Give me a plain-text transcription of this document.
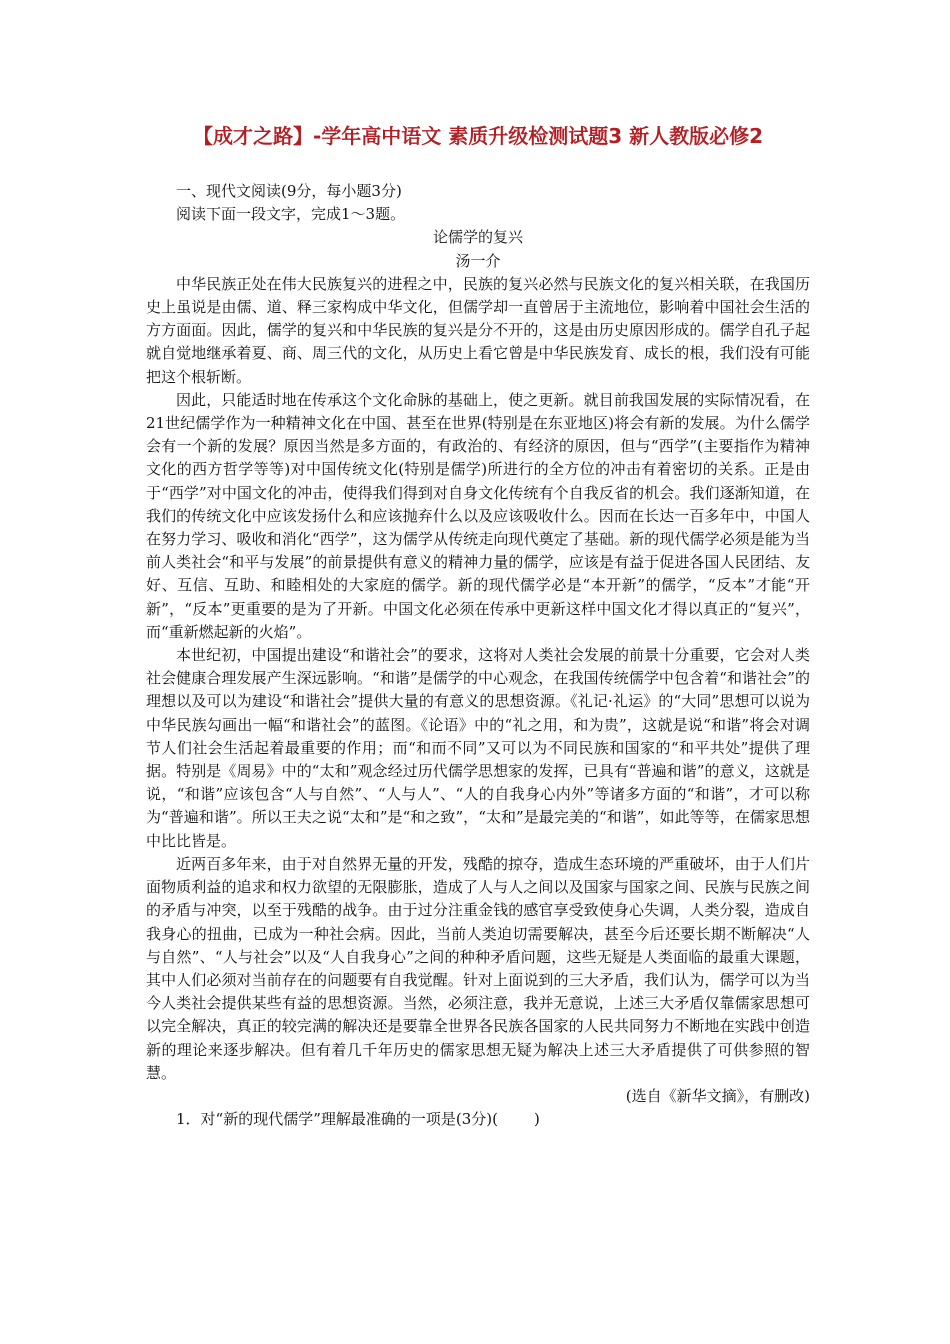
【成才之路】-学年高中语文 素质升级检测试题3 新人教版必修2

一、现代文阅读(9分，每小题3分)

阅读下面一段文字，完成1～3题。

论儒学的复兴

汤一介

中华民族正处在伟大民族复兴的进程之中，民族的复兴必然与民族文化的复兴相关联，在我国历史上虽说是由儒、道、释三家构成中华文化，但儒学却一直曾居于主流地位，影响着中国社会生活的方方面面。因此，儒学的复兴和中华民族的复兴是分不开的，这是由历史原因形成的。儒学自孔子起就自觉地继承着夏、商、周三代的文化，从历史上看它曾是中华民族发育、成长的根，我们没有可能把这个根斩断。

因此，只能适时地在传承这个文化命脉的基础上，使之更新。就目前我国发展的实际情况看，在21世纪儒学作为一种精神文化在中国、甚至在世界(特别是在东亚地区)将会有新的发展。为什么儒学会有一个新的发展？原因当然是多方面的，有政治的、有经济的原因，但与“西学”(主要指作为精神文化的西方哲学等等)对中国传统文化(特别是儒学)所进行的全方位的冲击有着密切的关系。正是由于“西学”对中国文化的冲击，使得我们得到对自身文化传统有个自我反省的机会。我们逐渐知道，在我们的传统文化中应该发扬什么和应该抛弃什么以及应该吸收什么。因而在长达一百多年中，中国人在努力学习、吸收和消化“西学”，这为儒学从传统走向现代奠定了基础。新的现代儒学必须是能为当前人类社会“和平与发展”的前景提供有意义的精神力量的儒学，应该是有益于促进各国人民团结、友好、互信、互助、和睦相处的大家庭的儒学。新的现代儒学必是“本开新”的儒学，“反本”才能“开新”，“反本”更重要的是为了开新。中国文化必须在传承中更新这样中国文化才得以真正的“复兴”，而“重新燃起新的火焰”。

本世纪初，中国提出建设“和谐社会”的要求，这将对人类社会发展的前景十分重要，它会对人类社会健康合理发展产生深远影响。“和谐”是儒学的中心观念，在我国传统儒学中包含着“和谐社会”的理想以及可以为建设“和谐社会”提供大量的有意义的思想资源。《礼记·礼运》的“大同”思想可以说为中华民族勾画出一幅“和谐社会”的蓝图。《论语》中的“礼之用，和为贵”，这就是说“和谐”将会对调节人们社会生活起着最重要的作用；而“和而不同”又可以为不同民族和国家的“和平共处”提供了理据。特别是《周易》中的“太和”观念经过历代儒学思想家的发挥，已具有“普遍和谐”的意义，这就是说，“和谐”应该包含“人与自然”、“人与人”、“人的自我身心内外”等诸多方面的“和谐”，才可以称为“普遍和谐”。所以王夫之说“太和”是“和之致”，“太和”是最完美的“和谐”，如此等等，在儒家思想中比比皆是。

近两百多年来，由于对自然界无量的开发，残酷的掠夺，造成生态环境的严重破坏，由于人们片面物质利益的追求和权力欲望的无限膨胀，造成了人与人之间以及国家与国家之间、民族与民族之间的矛盾与冲突，以至于残酷的战争。由于过分注重金钱的感官享受致使身心失调，人类分裂，造成自我身心的扭曲，已成为一种社会病。因此，当前人类迫切需要解决，甚至今后还要长期不断解决“人与自然”、“人与社会”以及“人自我身心”之间的种种矛盾问题，这些无疑是人类面临的最重大课题，其中人们必须对当前存在的问题要有自我觉醒。针对上面说到的三大矛盾，我们认为，儒学可以为当今人类社会提供某些有益的思想资源。当然，必须注意，我并无意说，上述三大矛盾仅靠儒家思想可以完全解决，真正的较完满的解决还是要靠全世界各民族各国家的人民共同努力不断地在实践中创造新的理论来逐步解决。但有着几千年历史的儒家思想无疑为解决上述三大矛盾提供了可供参照的智慧。

(选自《新华文摘》，有删改)

1．对“新的现代儒学”理解最准确的一项是(3分)( )
